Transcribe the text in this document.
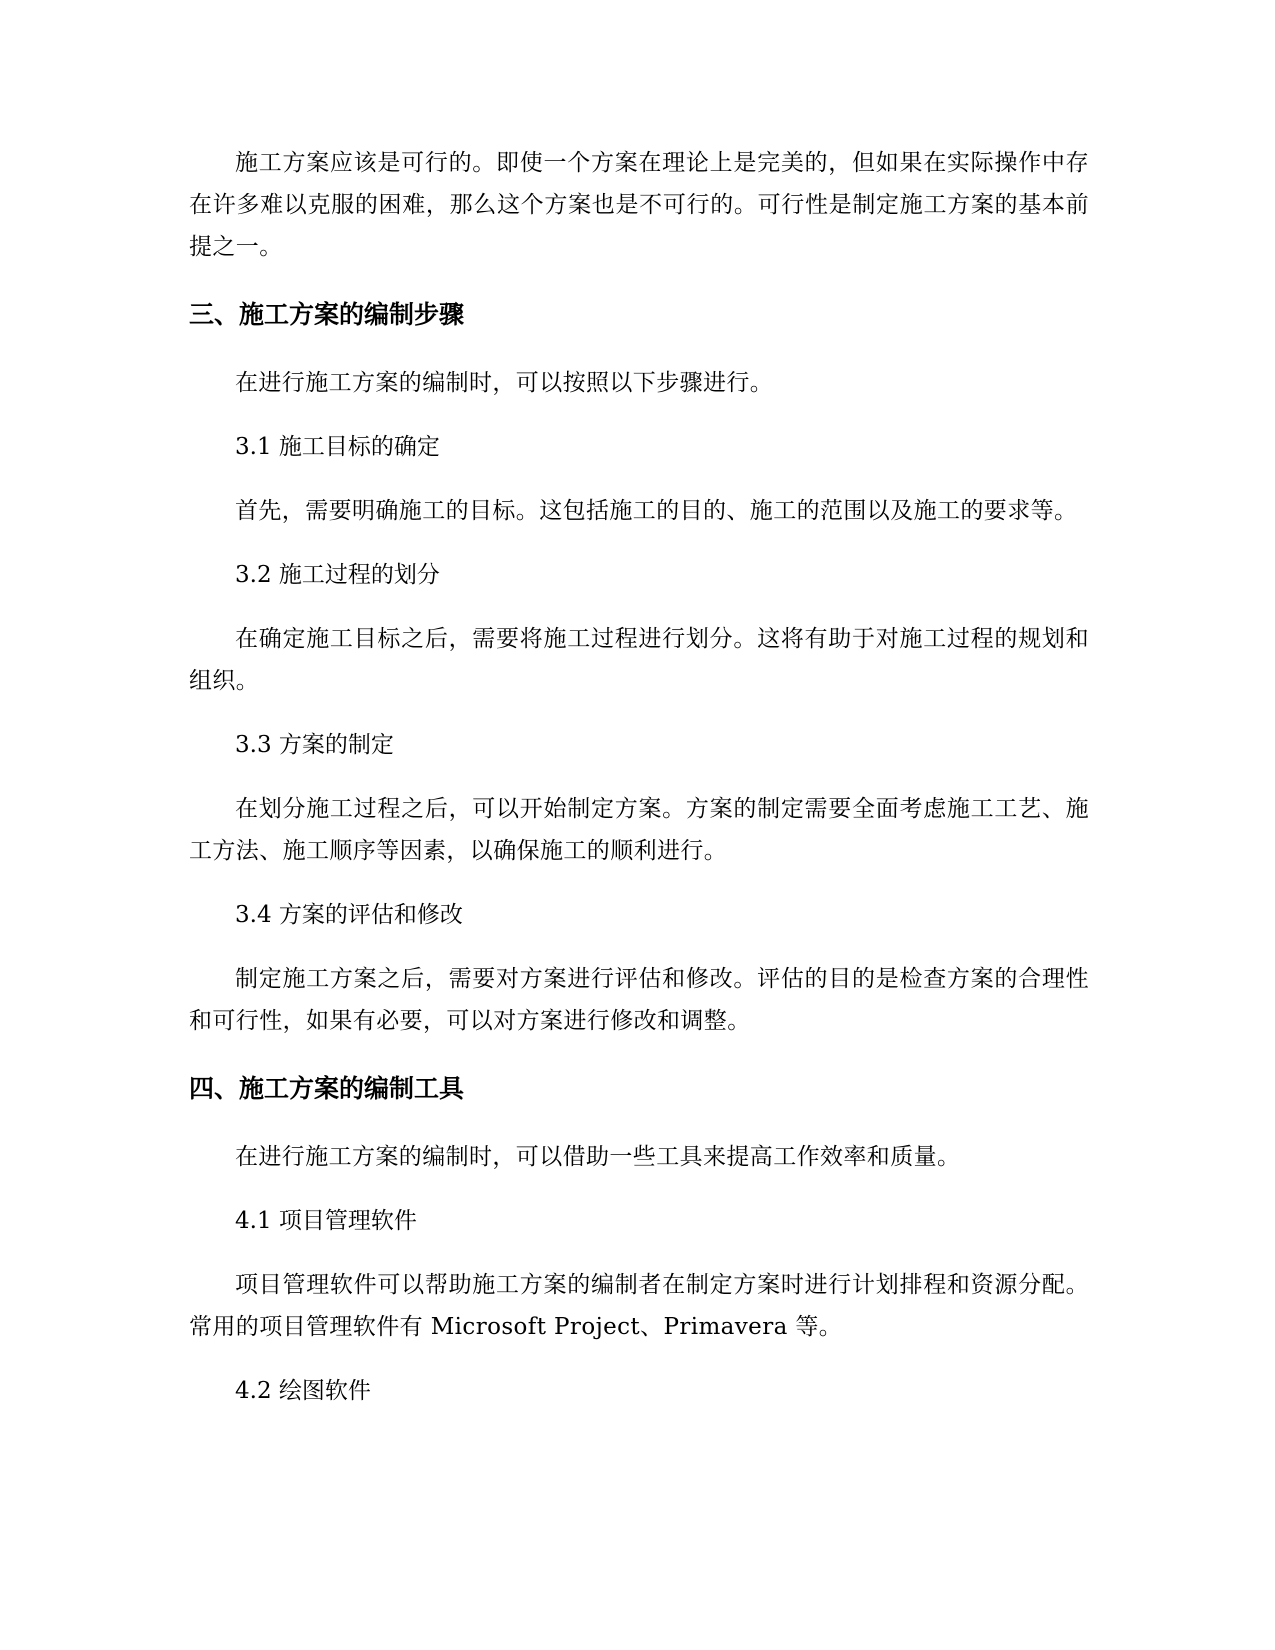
施工方案应该是可行的。即使一个方案在理论上是完美的，但如果在实际操作中存在许多难以克服的困难，那么这个方案也是不可行的。可行性是制定施工方案的基本前提之一。

三、施工方案的编制步骤

在进行施工方案的编制时，可以按照以下步骤进行。

3.1 施工目标的确定

首先，需要明确施工的目标。这包括施工的目的、施工的范围以及施工的要求等。

3.2 施工过程的划分

在确定施工目标之后，需要将施工过程进行划分。这将有助于对施工过程的规划和组织。

3.3 方案的制定

在划分施工过程之后，可以开始制定方案。方案的制定需要全面考虑施工工艺、施工方法、施工顺序等因素，以确保施工的顺利进行。

3.4 方案的评估和修改

制定施工方案之后，需要对方案进行评估和修改。评估的目的是检查方案的合理性和可行性，如果有必要，可以对方案进行修改和调整。

四、施工方案的编制工具

在进行施工方案的编制时，可以借助一些工具来提高工作效率和质量。

4.1 项目管理软件

项目管理软件可以帮助施工方案的编制者在制定方案时进行计划排程和资源分配。常用的项目管理软件有 Microsoft Project、Primavera 等。

4.2 绘图软件
